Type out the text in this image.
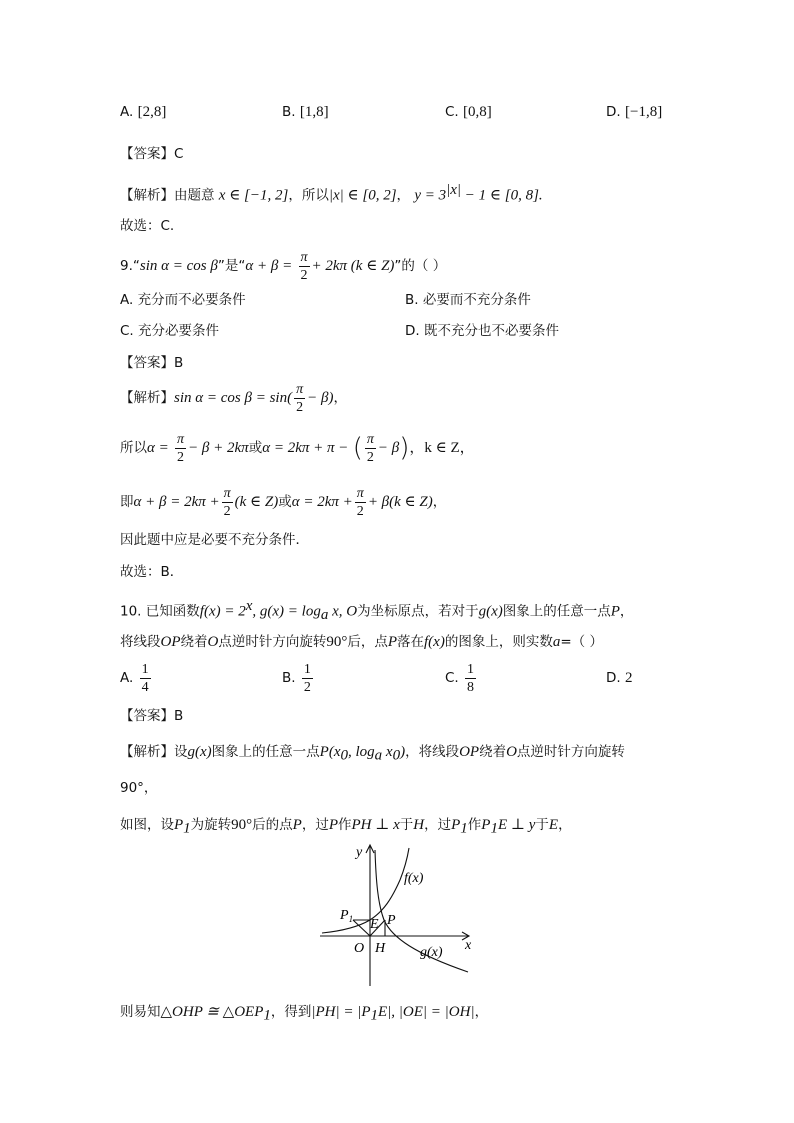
A. [2,8]	B. [1,8]	C. [0,8]	D. [−1,8]
【答案】C
【解析】由题意 x ∈ [−1, 2]，所以|x| ∈ [0, 2]， $y = 3^{|x|} - 1$ ∈ [0, 8].
故选：C.
9.“sin α = cos β”是“$\alpha + \beta = \frac{\pi}{2} + 2k\pi$ (k ∈ Z)”的（ ）
A. 充分而不必要条件	B. 必要而不充分条件
C. 充分必要条件	D. 既不充分也不必要条件
【答案】B
【解析】$\sin \alpha = \cos \beta = \sin( \frac{\pi}{2} - \beta)$，
所以$\alpha = \frac{\pi}{2} - \beta + 2k\pi$或α = 2kπ + π − ( $\frac{\pi}{2} - \beta$)，k ∈ Z，
即$\alpha + \beta = 2k\pi + \frac{\pi}{2} (k$ ∈ Z)或$\alpha = 2k\pi + \frac{\pi}{2} + \beta(k$ ∈ Z)，
因此题中应是必要不充分条件．
故选：B．
10. 已知函数$f(x) = 2^x$, $g(x) = \log_a x$, O为坐标原点，若对于g(x)图象上的任意一点P，
将线段OP绕着O点逆时针方向旋转90°后，点P落在f(x)的图象上，则实数a=（ ）
A. $\frac{1}{4}$	B. $\frac{1}{2}$	C. $\frac{1}{8}$	D. 2
【答案】B
【解析】设g(x)图象上的任意一点$P(x_0$, $\log_a x_0$)，将线段OP绕着O点逆时针方向旋转
90°，
如图，设$P_1$为旋转90°后的点P，过P作PH ⊥ x于H，过$P_1$作$P_1E$ ⊥ y于E，
y
x
f(x)
g(x)
$P_1$ E P
O H
则易知△OHP ≅ $\triangle OEP_1$，得到$|PH| = |P_1E|$, |OE| = |OH|，
